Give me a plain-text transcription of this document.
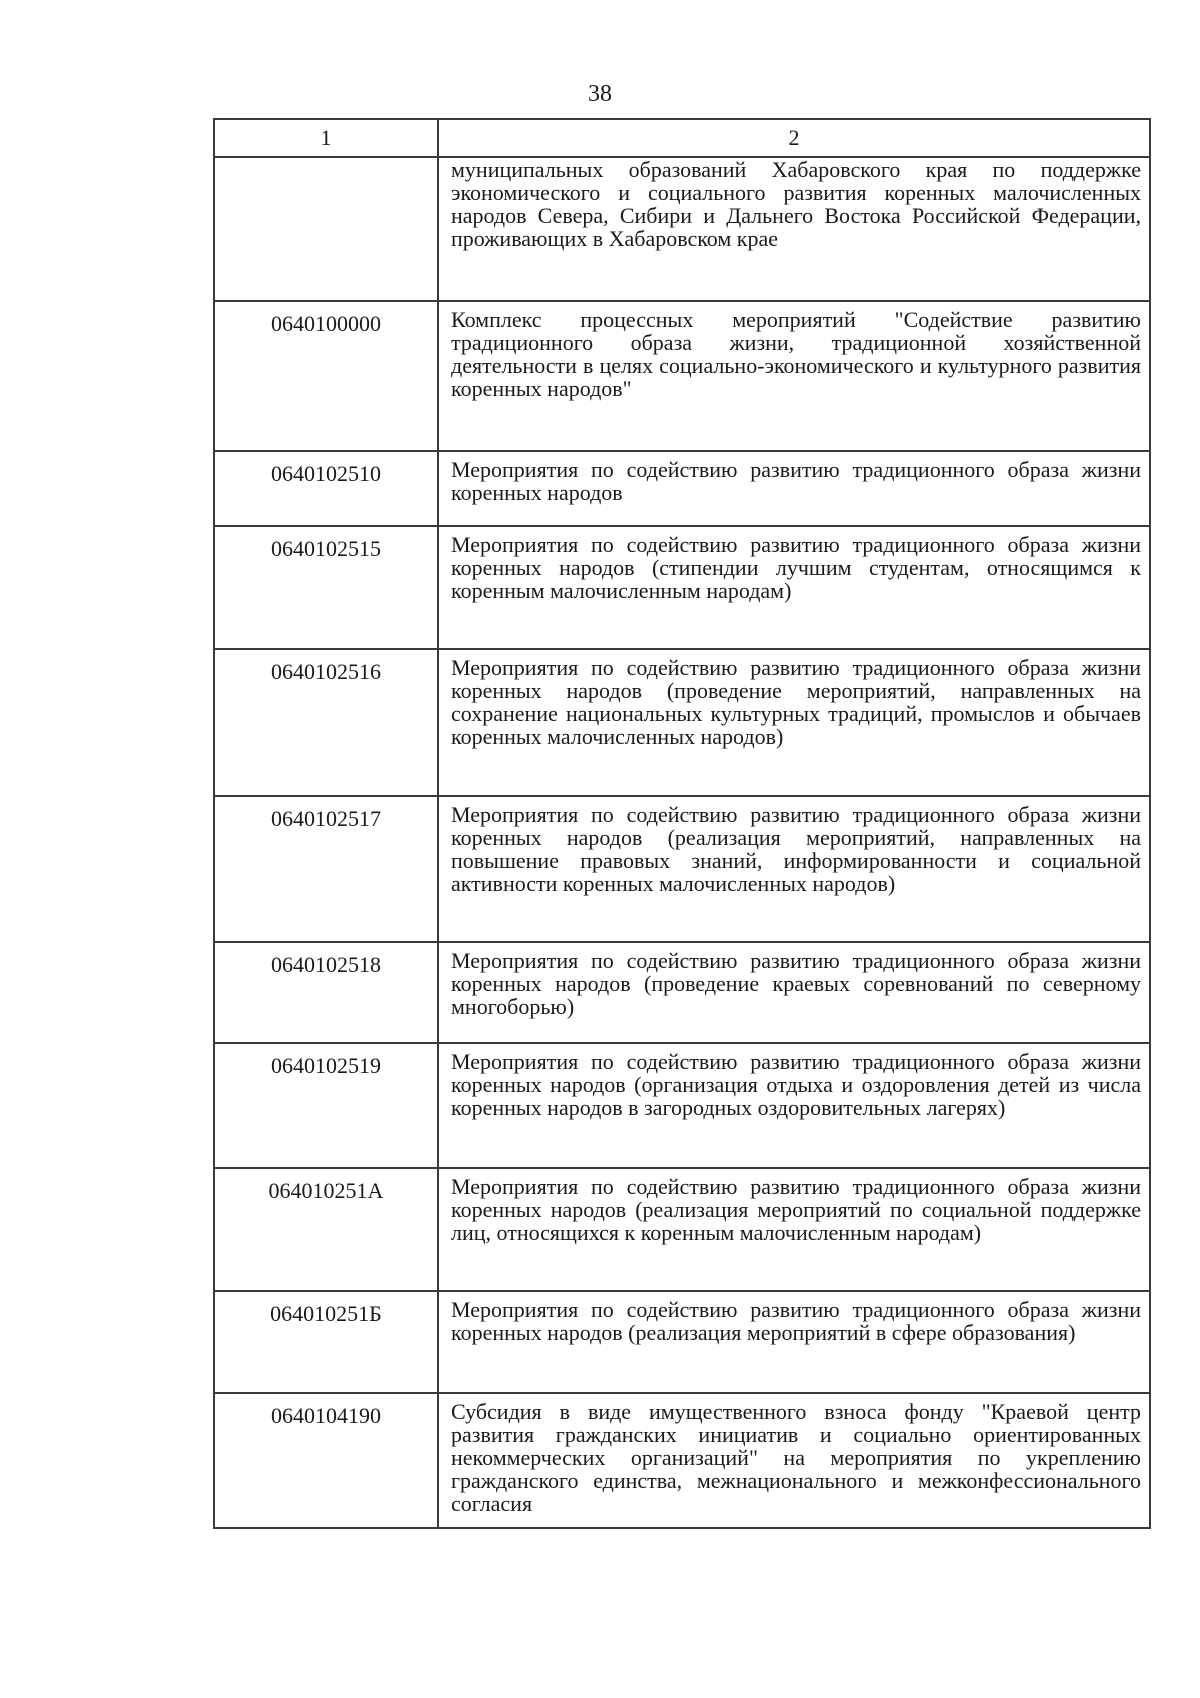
38
1	2
	муниципальных образований Хабаровского края по поддержке экономического и социального развития коренных малочисленных народов Севера, Сибири и Дальнего Востока Российской Федерации, проживающих в Хабаровском крае
0640100000	Комплекс процессных мероприятий "Содействие развитию традиционного образа жизни, традиционной хозяйственной деятельности в целях социально-экономического и культурного развития коренных народов"
0640102510	Мероприятия по содействию развитию традиционного образа жизни коренных народов
0640102515	Мероприятия по содействию развитию традиционного образа жизни коренных народов (стипендии лучшим студентам, относящимся к коренным малочисленным народам)
0640102516	Мероприятия по содействию развитию традиционного образа жизни коренных народов (проведение мероприятий, направленных на сохранение национальных культурных традиций, промыслов и обычаев коренных малочисленных народов)
0640102517	Мероприятия по содействию развитию традиционного образа жизни коренных народов (реализация мероприятий, направленных на повышение правовых знаний, информированности и социальной активности коренных малочисленных народов)
0640102518	Мероприятия по содействию развитию традиционного образа жизни коренных народов (проведение краевых соревнований по северному многоборью)
0640102519	Мероприятия по содействию развитию традиционного образа жизни коренных народов (организация отдыха и оздоровления детей из числа коренных народов в загородных оздоровительных лагерях)
064010251А	Мероприятия по содействию развитию традиционного образа жизни коренных народов (реализация мероприятий по социальной поддержке лиц, относящихся к коренным малочисленным народам)
064010251Б	Мероприятия по содействию развитию традиционного образа жизни коренных народов (реализация мероприятий в сфере образования)
0640104190	Субсидия в виде имущественного взноса фонду "Краевой центр развития гражданских инициатив и социально ориентированных некоммерческих организаций" на мероприятия по укреплению гражданского единства, межнационального и межконфессионального согласия
